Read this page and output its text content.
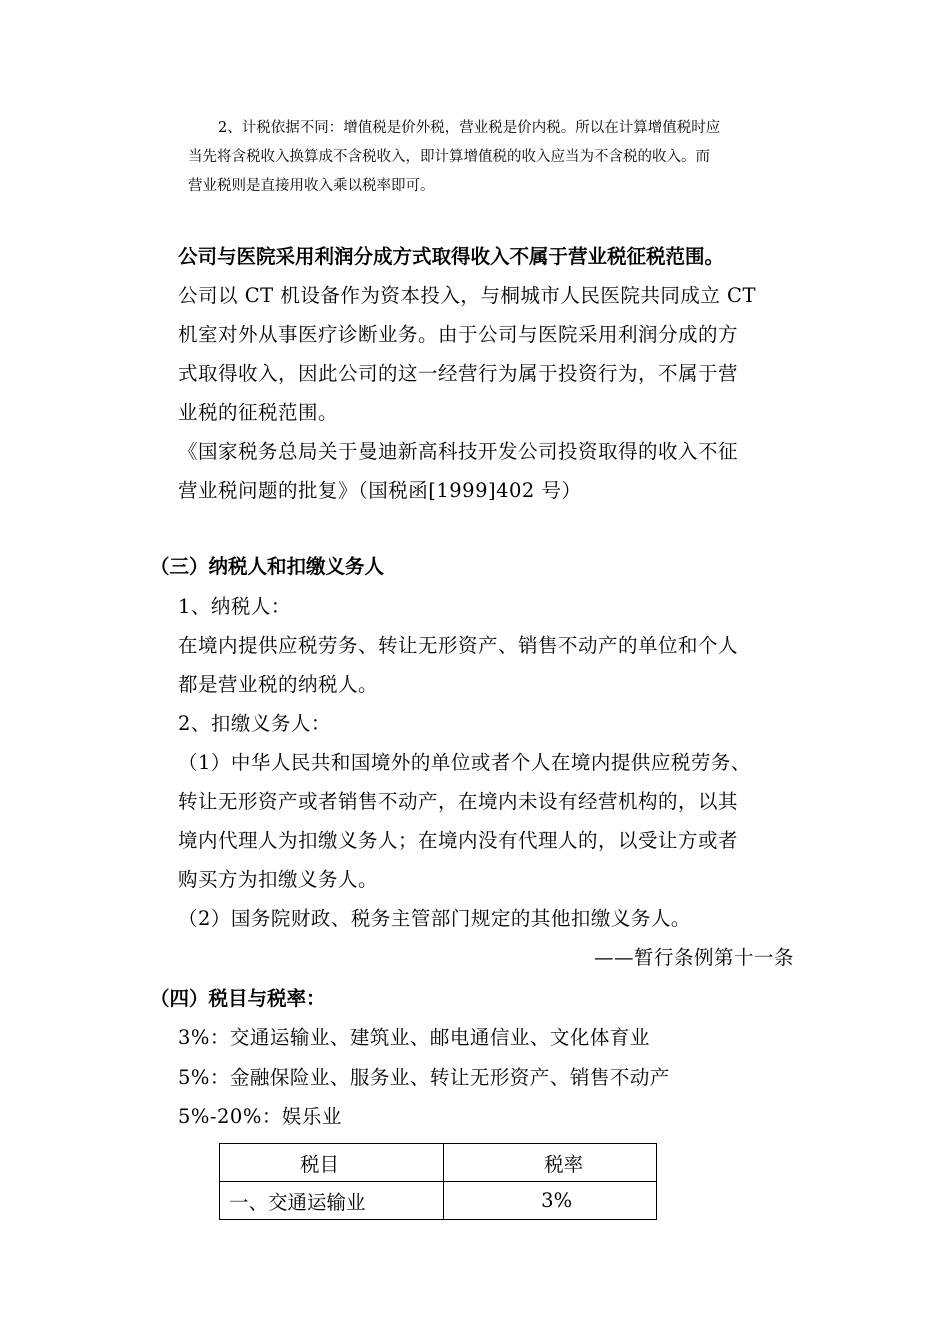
2、计税依据不同：增值税是价外税，营业税是价内税。所以在计算增值税时应
当先将含税收入换算成不含税收入，即计算增值税的收入应当为不含税的收入。而
营业税则是直接用收入乘以税率即可。
公司与医院采用利润分成方式取得收入不属于营业税征税范围。
公司以 CT 机设备作为资本投入，与桐城市人民医院共同成立 CT
机室对外从事医疗诊断业务。由于公司与医院采用利润分成的方
式取得收入，因此公司的这一经营行为属于投资行为，不属于营
业税的征税范围。
《国家税务总局关于曼迪新高科技开发公司投资取得的收入不征
营业税问题的批复》（国税函[1999]402 号）
（三）纳税人和扣缴义务人
1、纳税人：
在境内提供应税劳务、转让无形资产、销售不动产的单位和个人
都是营业税的纳税人。
2、扣缴义务人：
（1）中华人民共和国境外的单位或者个人在境内提供应税劳务、
转让无形资产或者销售不动产，在境内未设有经营机构的，以其
境内代理人为扣缴义务人；在境内没有代理人的，以受让方或者
购买方为扣缴义务人。
（2）国务院财政、税务主管部门规定的其他扣缴义务人。
——暂行条例第十一条
（四）税目与税率：
3%：交通运输业、建筑业、邮电通信业、文化体育业
5%：金融保险业、服务业、转让无形资产、销售不动产
5%-20%：娱乐业
税目	税率
一、交通运输业	3%
